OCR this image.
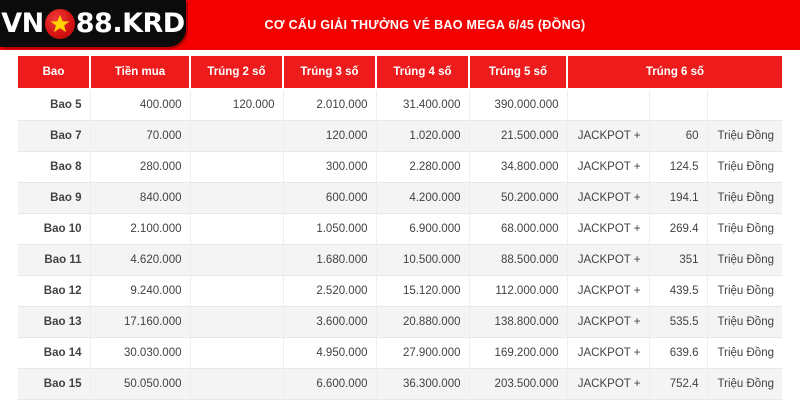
VN 88.KRD	CƠ CẤU GIẢI THƯỞNG VÉ BAO MEGA 6/45 (ĐỒNG)
Bao	Tiền mua	Trúng 2 số	Trúng 3 số	Trúng 4 số	Trúng 5 số	Trúng 6 số		
Bao 5	400.000	120.000	2.010.000	31.400.000	390.000.000			
Bao 7	70.000		120.000	1.020.000	21.500.000	JACKPOT +	60	Triệu Đồng
Bao 8	280.000		300.000	2.280.000	34.800.000	JACKPOT +	124.5	Triệu Đồng
Bao 9	840.000		600.000	4.200.000	50.200.000	JACKPOT +	194.1	Triệu Đồng
Bao 10	2.100.000		1.050.000	6.900.000	68.000.000	JACKPOT +	269.4	Triệu Đồng
Bao 11	4.620.000		1.680.000	10.500.000	88.500.000	JACKPOT +	351	Triệu Đồng
Bao 12	9.240.000		2.520.000	15.120.000	112.000.000	JACKPOT +	439.5	Triệu Đồng
Bao 13	17.160.000		3.600.000	20.880.000	138.800.000	JACKPOT +	535.5	Triệu Đồng
Bao 14	30.030.000		4.950.000	27.900.000	169.200.000	JACKPOT +	639.6	Triệu Đồng
Bao 15	50.050.000		6.600.000	36.300.000	203.500.000	JACKPOT +	752.4	Triệu Đồng
